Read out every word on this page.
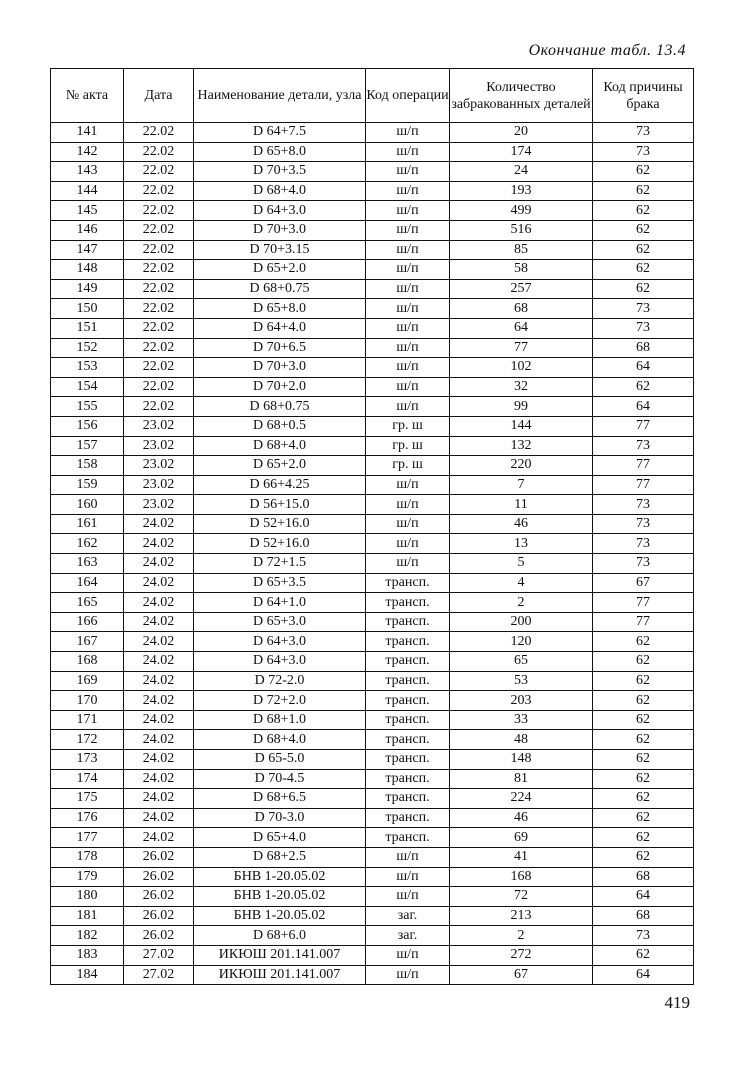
Окончание табл. 13.4
№ акта	Дата	Наименование детали, узла	Код операции	Количество забракованных деталей	Код причины брака
141	22.02	D 64+7.5	ш/п	20	73
142	22.02	D 65+8.0	ш/п	174	73
143	22.02	D 70+3.5	ш/п	24	62
144	22.02	D 68+4.0	ш/п	193	62
145	22.02	D 64+3.0	ш/п	499	62
146	22.02	D 70+3.0	ш/п	516	62
147	22.02	D 70+3.15	ш/п	85	62
148	22.02	D 65+2.0	ш/п	58	62
149	22.02	D 68+0.75	ш/п	257	62
150	22.02	D 65+8.0	ш/п	68	73
151	22.02	D 64+4.0	ш/п	64	73
152	22.02	D 70+6.5	ш/п	77	68
153	22.02	D 70+3.0	ш/п	102	64
154	22.02	D 70+2.0	ш/п	32	62
155	22.02	D 68+0.75	ш/п	99	64
156	23.02	D 68+0.5	гр. ш	144	77
157	23.02	D 68+4.0	гр. ш	132	73
158	23.02	D 65+2.0	гр. ш	220	77
159	23.02	D 66+4.25	ш/п	7	77
160	23.02	D 56+15.0	ш/п	11	73
161	24.02	D 52+16.0	ш/п	46	73
162	24.02	D 52+16.0	ш/п	13	73
163	24.02	D 72+1.5	ш/п	5	73
164	24.02	D 65+3.5	трансп.	4	67
165	24.02	D 64+1.0	трансп.	2	77
166	24.02	D 65+3.0	трансп.	200	77
167	24.02	D 64+3.0	трансп.	120	62
168	24.02	D 64+3.0	трансп.	65	62
169	24.02	D 72-2.0	трансп.	53	62
170	24.02	D 72+2.0	трансп.	203	62
171	24.02	D 68+1.0	трансп.	33	62
172	24.02	D 68+4.0	трансп.	48	62
173	24.02	D 65-5.0	трансп.	148	62
174	24.02	D 70-4.5	трансп.	81	62
175	24.02	D 68+6.5	трансп.	224	62
176	24.02	D 70-3.0	трансп.	46	62
177	24.02	D 65+4.0	трансп.	69	62
178	26.02	D 68+2.5	ш/п	41	62
179	26.02	БНВ 1-20.05.02	ш/п	168	68
180	26.02	БНВ 1-20.05.02	ш/п	72	64
181	26.02	БНВ 1-20.05.02	заг.	213	68
182	26.02	D 68+6.0	заг.	2	73
183	27.02	ИКЮШ 201.141.007	ш/п	272	62
184	27.02	ИКЮШ 201.141.007	ш/п	67	64
419
